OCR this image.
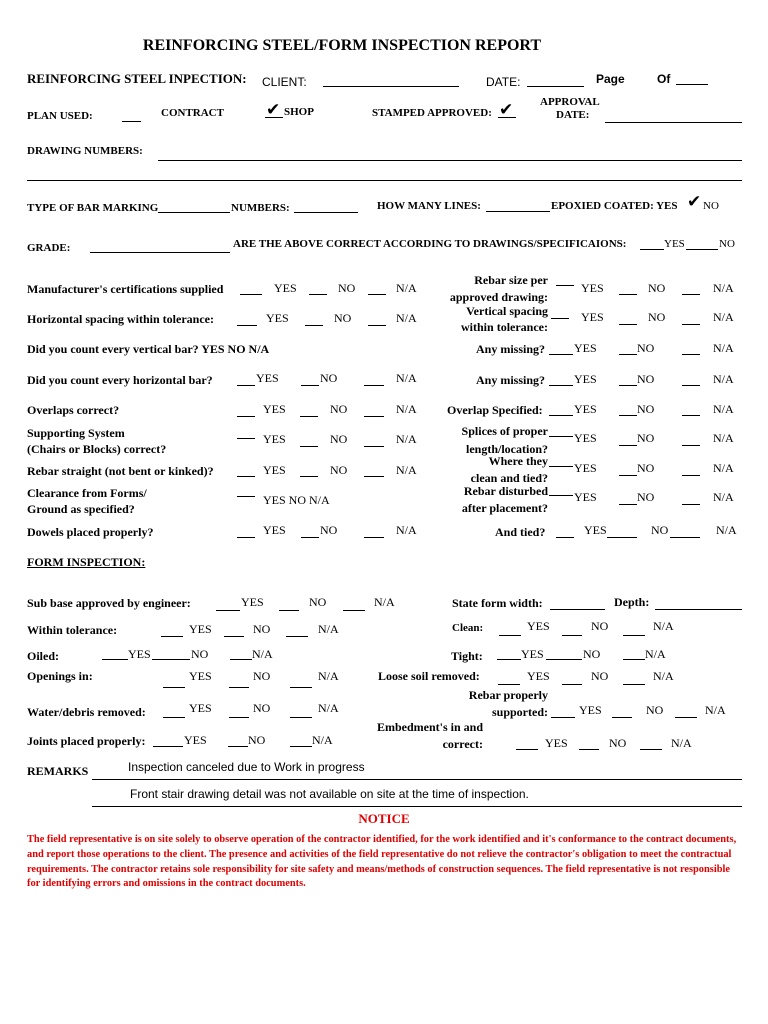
REINFORCING STEEL/FORM INSPECTION REPORT
REINFORCING STEEL INPECTION: CLIENT:	DATE:	Page	Of
PLAN USED:	CONTRACT ✔ SHOP	STAMPED APPROVED: ✔ APPROVAL
DATE:
DRAWING NUMBERS:
TYPE OF BAR MARKING	NUMBERS:	HOW MANY LINES:	EPOXIED COATED: YES ✔ NO
GRADE:	ARE THE ABOVE CORRECT ACCORDING TO DRAWINGS/SPECIFICAIONS:	YES	NO
Manufacturer's certifications supplied	YES	NO	N/A
Horizontal spacing within tolerance:	YES	NO	N/A
Did you count every vertical bar? YES NO N/A
Did you count every horizontal bar?	YES	NO	N/A
Overlaps correct?	YES	NO	N/A
Supporting System
(Chairs or Blocks) correct?
YES	NO	N/A
Rebar straight (not bent or kinked)?	YES	NO	N/A
Clearance from Forms/
Ground as specified?
YES NO N/A
Dowels placed properly?	YES	NO	N/A
Rebar size per
approved drawing:
YES	NO	N/A
Vertical spacing
within tolerance:
YES	NO	N/A
Any missing? YES	NO	N/A
Any missing? YES	NO	N/A
Overlap Specified:	YES	NO	N/A
Splices of proper
length/location?
YES	NO	N/A
Where they
clean and tied?
YES	NO	N/A
Rebar disturbed
after placement?
YES	NO	N/A
And tied?	YES	NO	N/A
FORM INSPECTION:
Sub base approved by engineer:	YES	NO	N/A	State form width:	Depth:
Within tolerance:	YES	NO	N/A	Clean:	YES	NO	N/A
Oiled:	YES	NO	N/A	Tight:	YES	NO	N/A
Openings in:	YES	NO	N/A	Loose soil removed:	YES	NO	N/A
Water/debris removed:	YES	NO	N/A
Rebar properly
supported:	YES	NO	N/A
Joints placed properly:	YES	NO	N/A
Embedment's in and
correct:	YES	NO	N/A
REMARKS	Inspection canceled due to Work in progress
Front stair drawing detail was not available on site at the time of inspection.
NOTICE
The field representative is on site solely to observe operation of the contractor identified, for the work identified and it's conformance to the contract documents, and report those operations to the client. The presence and activities of the field representative do not relieve the contractor's obligation to meet the contractual requirements. The contractor retains sole responsibility for site safety and means/methods of construction sequences. The field representative is not responsible for identifying errors and omissions in the contract documents.
